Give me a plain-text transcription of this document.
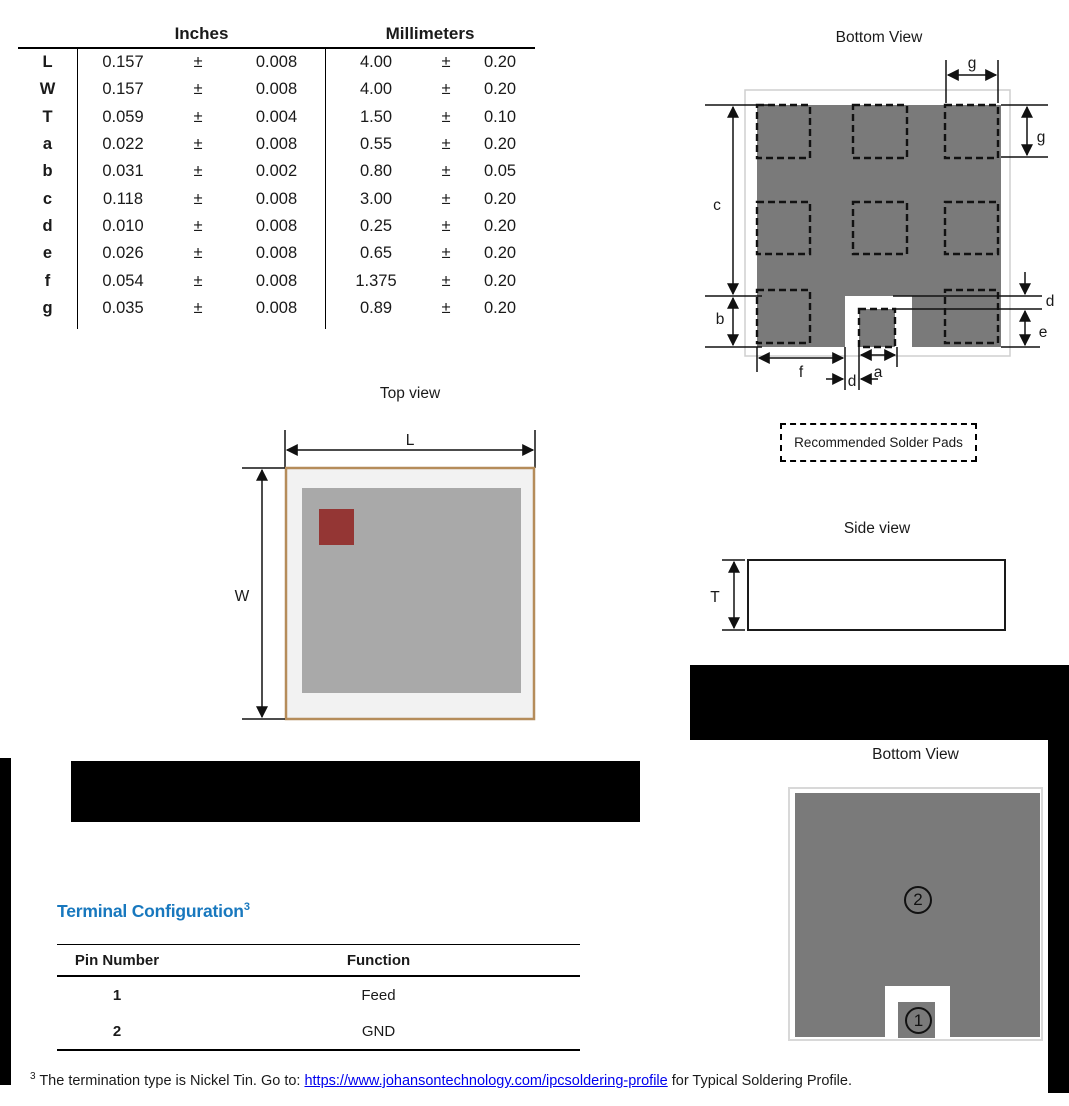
Inches	Millimeters
L	0.157	±	0.008	4.00	±	0.20
W	0.157	±	0.008	4.00	±	0.20
T	0.059	±	0.004	1.50	±	0.10
a	0.022	±	0.008	0.55	±	0.20
b	0.031	±	0.002	0.80	±	0.05
c	0.118	±	0.008	3.00	±	0.20
d	0.010	±	0.008	0.25	±	0.20
e	0.026	±	0.008	0.65	±	0.20
f	0.054	±	0.008	1.375	±	0.20
g	0.035	±	0.008	0.89	±	0.20
Bottom View
g
g
c
b
d
e
f	a
d
Recommended Solder Pads
Top view
L
W
Side view
T
Bottom View
2
1
Terminal Configuration$^3$
Pin Number	Function
1	Feed
2	GND
$^3$ The termination type is Nickel Tin. Go to: https://www.johansontechnology.com/ipcsoldering-profile for Typical Soldering Profile.
